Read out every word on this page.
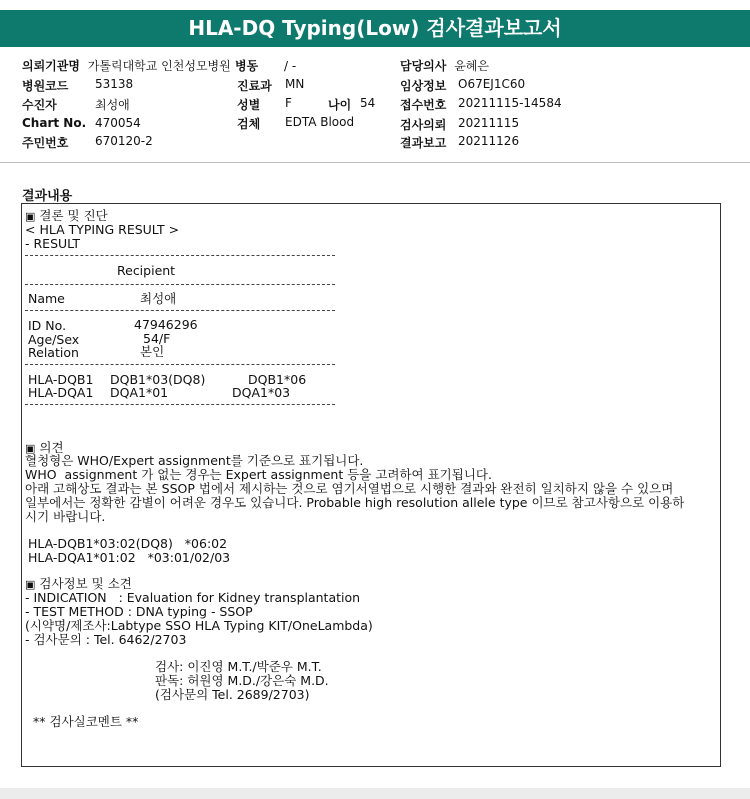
HLA-DQ Typing(Low) 검사결과보고서
의뢰기관명 가톨릭대학교 인천성모병원 병동 / -	담당의사 윤혜은
병원코드 53138	진료과 MN	임상정보 O67EJ1C60
수진자	최성애	성별 F	나이 54 접수번호 20211115-14584
Chart No. 470054	검체 EDTA Blood	검사의뢰 20211115
주민번호 670120-2	결과보고 20211126
결과내용
▣ 결론 및 진단
< HLA TYPING RESULT >
- RESULT
Recipient
Name	최성애
ID No.	47946296
Age/Sex	54/F
Relation	본인
HLA-DQB1 DQB1*03(DQ8)	DQB1*06
HLA-DQA1 DQA1*01	DQA1*03
▣ 의견
혈청형은 WHO/Expert assignment를 기준으로 표기됩니다.
WHO  assignment 가 없는 경우는 Expert assignment 등을 고려하여 표기됩니다.
아래 고해상도 결과는 본 SSOP 법에서 제시하는 것으로 염기서열법으로 시행한 결과와 완전히 일치하지 않을 수 있으며
일부에서는 정확한 감별이 어려운 경우도 있습니다. Probable high resolution allele type 이므로 참고사항으로 이용하
시기 바랍니다.
HLA-DQB1*03:02(DQ8)   *06:02
HLA-DQA1*01:02   *03:01/02/03
▣ 검사정보 및 소견
- INDICATION   : Evaluation for Kidney transplantation
- TEST METHOD : DNA typing - SSOP
(시약명/제조사:Labtype SSO HLA Typing KIT/OneLambda)
- 검사문의 : Tel. 6462/2703
검사: 이진영 M.T./박준우 M.T.
판독: 허원영 M.D./강은숙 M.D.
(검사문의 Tel. 2689/2703)
** 검사실코멘트 **
